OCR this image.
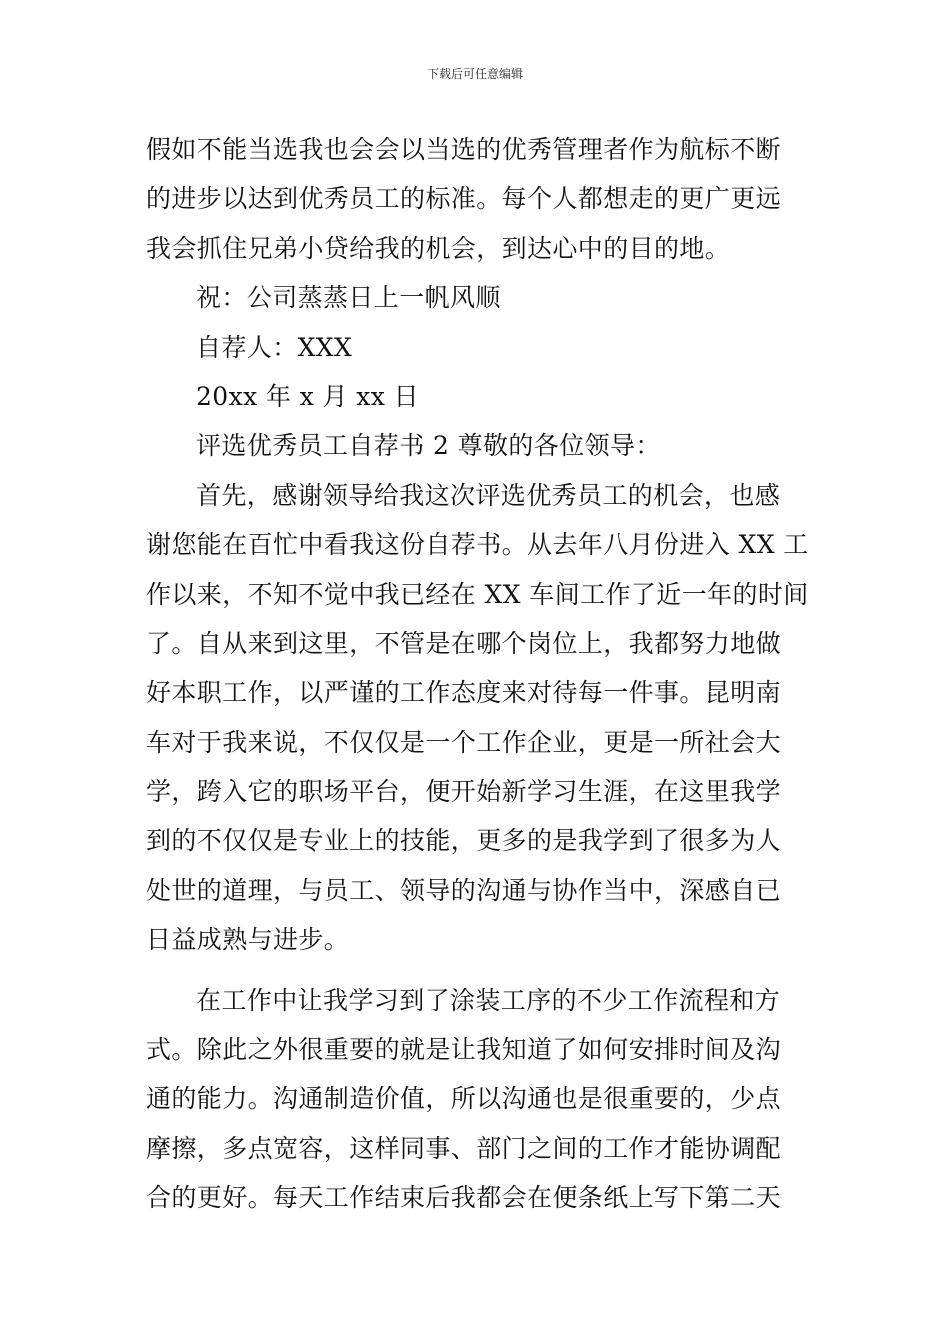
下载后可任意编辑
假如不能当选我也会会以当选的优秀管理者作为航标不断
的进步以达到优秀员工的标准。每个人都想走的更广更远
我会抓住兄弟小贷给我的机会，到达心中的目的地。
祝：公司蒸蒸日上一帆风顺
自荐人：XXX
20xx 年 x 月 xx 日
评选优秀员工自荐书 2 尊敬的各位领导：
首先，感谢领导给我这次评选优秀员工的机会，也感
谢您能在百忙中看我这份自荐书。从去年八月份进入 XX 工
作以来，不知不觉中我已经在 XX 车间工作了近一年的时间
了。自从来到这里，不管是在哪个岗位上，我都努力地做
好本职工作，以严谨的工作态度来对待每一件事。昆明南
车对于我来说，不仅仅是一个工作企业，更是一所社会大
学，跨入它的职场平台，便开始新学习生涯，在这里我学
到的不仅仅是专业上的技能，更多的是我学到了很多为人
处世的道理，与员工、领导的沟通与协作当中，深感自已
日益成熟与进步。
在工作中让我学习到了涂装工序的不少工作流程和方
式。除此之外很重要的就是让我知道了如何安排时间及沟
通的能力。沟通制造价值，所以沟通也是很重要的，少点
摩擦，多点宽容，这样同事、部门之间的工作才能协调配
合的更好。每天工作结束后我都会在便条纸上写下第二天
